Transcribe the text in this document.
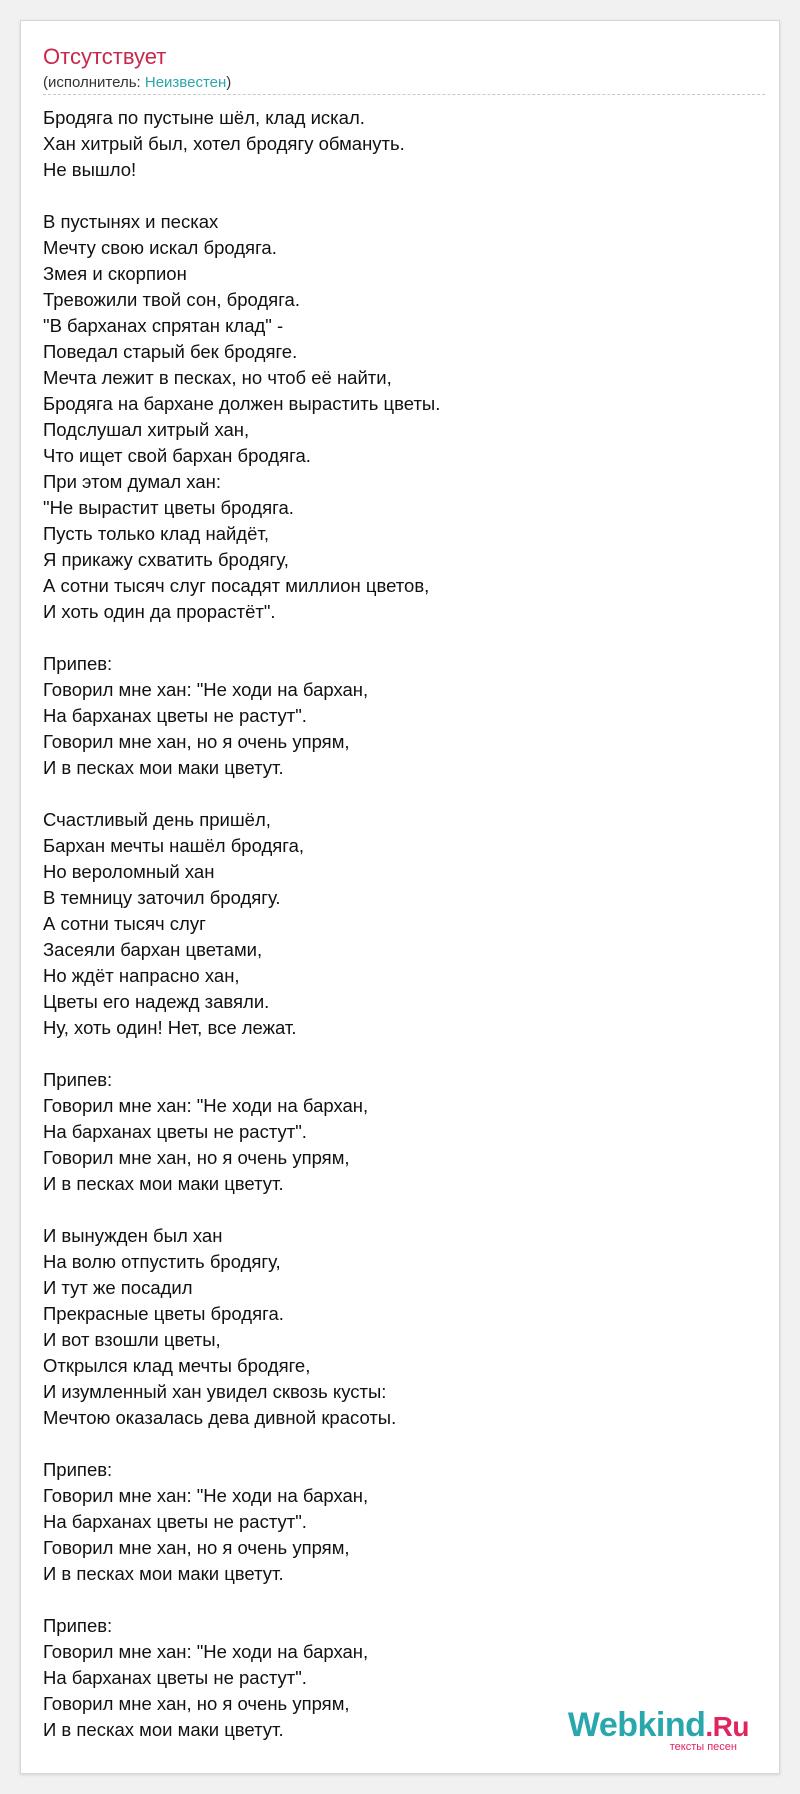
Отсутствует
(исполнитель: Неизвестен)
Бродяга по пустыне шёл, клад искал.
Хан хитрый был, хотел бродягу обмануть.
Не вышло!
В пустынях и песках
Мечту свою искал бродяга.
Змея и скорпион
Тревожили твой сон, бродяга.
"В барханах спрятан клад" -
Поведал старый бек бродяге.
Мечта лежит в песках, но чтоб её найти,
Бродяга на бархане должен вырастить цветы.
Подслушал хитрый хан,
Что ищет свой бархан бродяга.
При этом думал хан:
"Не вырастит цветы бродяга.
Пусть только клад найдёт,
Я прикажу схватить бродягу,
А сотни тысяч слуг посадят миллион цветов,
И хоть один да прорастёт".
Припев:
Говорил мне хан: "Не ходи на бархан,
На барханах цветы не растут".
Говорил мне хан, но я очень упрям,
И в песках мои маки цветут.
Счастливый день пришёл,
Бархан мечты нашёл бродяга,
Но вероломный хан
В темницу заточил бродягу.
А сотни тысяч слуг
Засеяли бархан цветами,
Но ждёт напрасно хан,
Цветы его надежд завяли.
Ну, хоть один! Нет, все лежат.
Припев:
Говорил мне хан: "Не ходи на бархан,
На барханах цветы не растут".
Говорил мне хан, но я очень упрям,
И в песках мои маки цветут.
И вынужден был хан
На волю отпустить бродягу,
И тут же посадил
Прекрасные цветы бродяга.
И вот взошли цветы,
Открылся клад мечты бродяге,
И изумленный хан увидел сквозь кусты:
Мечтою оказалась дева дивной красоты.
Припев:
Говорил мне хан: "Не ходи на бархан,
На барханах цветы не растут".
Говорил мне хан, но я очень упрям,
И в песках мои маки цветут.
Припев:
Говорил мне хан: "Не ходи на бархан,
На барханах цветы не растут".
Говорил мне хан, но я очень упрям,
И в песках мои маки цветут.	Webkind.Ru
тексты песен
